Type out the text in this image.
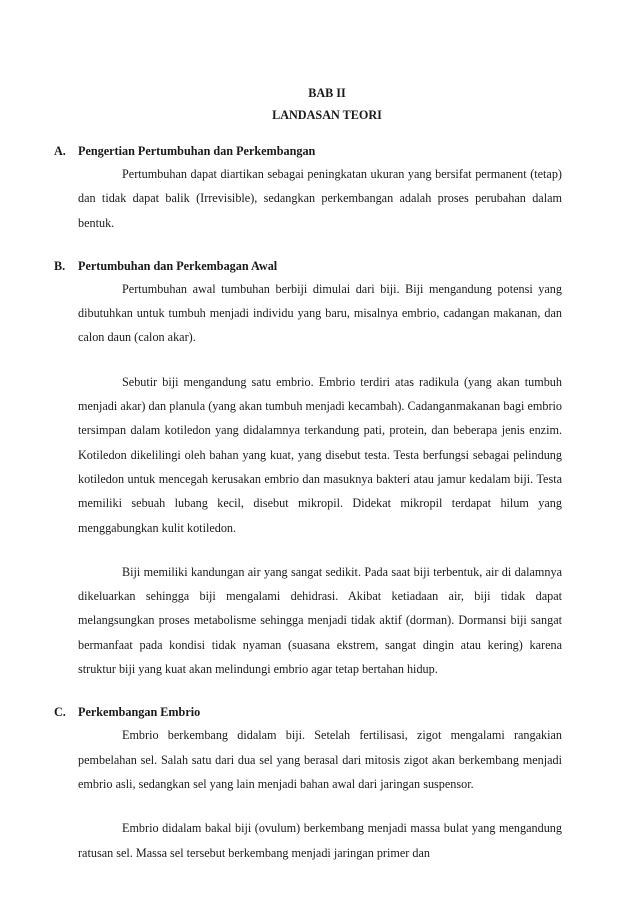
BAB II

LANDASAN TEORI

A. Pengertian Pertumbuhan dan Perkembangan

Pertumbuhan dapat diartikan sebagai peningkatan ukuran yang bersifat permanent (tetap) dan tidak dapat balik (Irrevisible), sedangkan perkembangan adalah proses perubahan dalam bentuk.

B.	Pertumbuhan dan Perkembagan Awal

Pertumbuhan awal tumbuhan berbiji dimulai dari biji. Biji mengandung potensi yang dibutuhkan untuk tumbuh menjadi individu yang baru, misalnya embrio, cadangan makanan, dan calon daun (calon akar).

Sebutir biji mengandung satu embrio. Embrio terdiri atas radikula (yang akan tumbuh menjadi akar) dan planula (yang akan tumbuh menjadi kecambah). Cadanganmakanan bagi embrio tersimpan dalam kotiledon yang didalamnya terkandung pati, protein, dan beberapa jenis enzim. Kotiledon dikelilingi oleh bahan yang kuat, yang disebut testa. Testa berfungsi sebagai pelindung kotiledon untuk mencegah kerusakan embrio dan masuknya bakteri atau jamur kedalam biji. Testa memiliki sebuah lubang kecil, disebut mikropil. Didekat mikropil terdapat hilum yang menggabungkan kulit kotiledon.

Biji memiliki kandungan air yang sangat sedikit. Pada saat biji terbentuk, air di dalamnya dikeluarkan sehingga biji mengalami dehidrasi. Akibat ketiadaan air, biji tidak dapat melangsungkan proses metabolisme sehingga menjadi tidak aktif (dorman). Dormansi biji sangat bermanfaat pada kondisi tidak nyaman (suasana ekstrem, sangat dingin atau kering) karena struktur biji yang kuat akan melindungi embrio agar tetap bertahan hidup.

C. Perkembangan Embrio

Embrio berkembang didalam biji. Setelah fertilisasi, zigot mengalami rangakian pembelahan sel. Salah satu dari dua sel yang berasal dari mitosis zigot akan berkembang menjadi embrio asli, sedangkan sel yang lain menjadi bahan awal dari jaringan suspensor.

Embrio didalam bakal biji (ovulum) berkembang menjadi massa bulat yang mengandung ratusan sel. Massa sel tersebut berkembang menjadi jaringan primer dan
